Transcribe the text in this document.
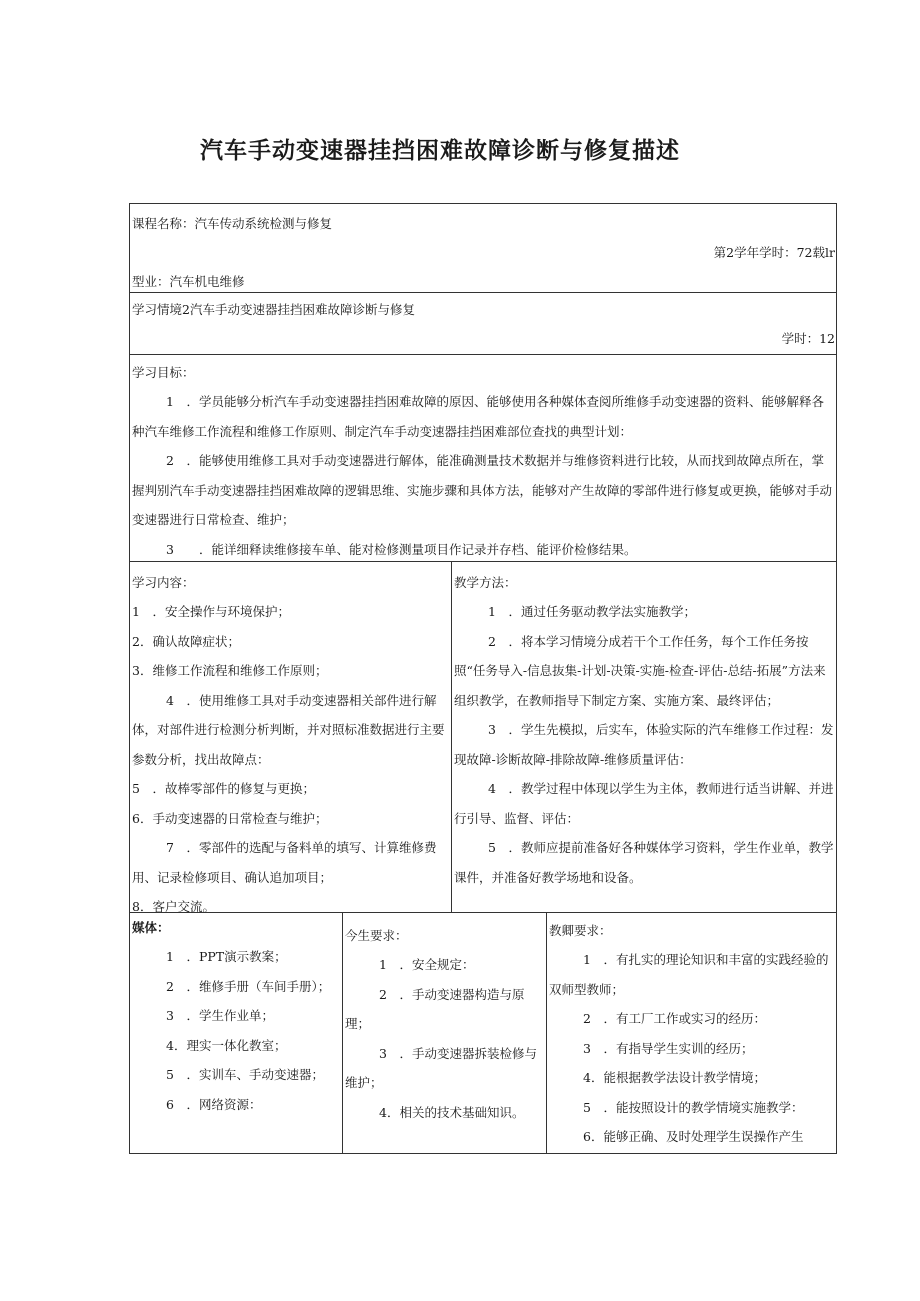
汽车手动变速器挂挡困难故障诊断与修复描述
课程名称：汽车传动系统检测与修复
第2学年学时：72载lr
型业：汽车机电维修
学习情境2汽车手动变速器挂挡困难故障诊断与修复
学时：12
学习目标：
1　．学员能够分析汽车手动变速器挂挡困难故障的原因、能够使用各种媒体查阅所维修手动变速器的资料、能够解释各种汽车维修工作流程和维修工作原则、制定汽车手动变速器挂挡困难部位查找的典型计划：
2　．能够使用维修工具对手动变速器进行解体，能准确测量技术数据并与维修资料进行比较，从而找到故障点所在，掌握判别汽车手动变速器挂挡困难故障的逻辑思维、实施步骤和具体方法，能够对产生故障的零部件进行修复或更换，能够对手动变速器进行日常检查、维护；
3　　．能详细释读维修接车单、能对检修测量项目作记录并存档、能评价检修结果。
学习内容：
1　．安全操作与环境保护；
2．确认故障症状；
3．维修工作流程和维修工作原则；
4　．使用维修工具对手动变速器相关部件进行解体，对部件进行检测分析判断，并对照标准数据进行主要参数分析，找出故障点：
5　．故棒零部件的修复与更换；
6．手动变速器的日常检查与维护；
7　．零部件的选配与备料单的填写、计算维修费用、记录检修项目、确认追加项目；
8．客户交流。
教学方法：
1　．通过任务驱动教学法实施教学；
2　．将本学习情境分成若干个工作任务，每个工作任务按照“任务导入-信息抜集-计划-决策-实施-检查-评估-总结-拓展”方法来组织教学，在教师指导下制定方案、实施方案、最终评估；
3　．学生先模拟，后实车，体验实际的汽车维修工作过程：发现故障-诊断故障-排除故障-维修质量评估：
4　．教学过程中体现以学生为主体，教师进行适当讲解、并进行引导、监督、评估：
5　．教师应提前准备好各种媒体学习资料，学生作业单，教学课件，并准备好教学场地和设备。
媒体：
1　．PPT演示教案；
2　．维修手册（车间手册）；
3　．学生作业单；
4．理实一体化教室；
5　．实训车、手动变速器；
6　．网络资源：
今生要求：
1　．安全规定：
2　．手动变速器构造与原理；
3　．手动变速器拆装检修与维护；
4．相关的技术基础知识。
教卿要求：
1　．有扎实的理论知识和丰富的实践经验的双师型教师；
2　．有工厂工作或实习的经历：
3　．有指导学生实训的经历；
4．能根据教学法设计教学情境；
5　．能按照设计的教学情境实施教学：
6．能够正确、及时处理学生误操作产生
